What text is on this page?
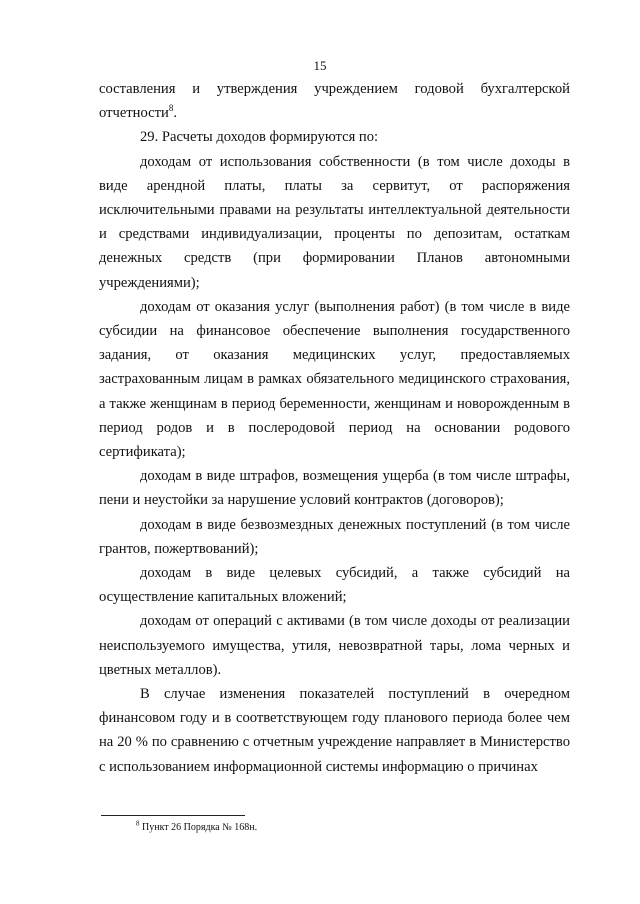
15

составления и утверждения учреждением годовой бухгалтерской отчетности$^8$.

29. Расчеты доходов формируются по:

доходам от использования собственности (в том числе доходы в виде арендной платы, платы за сервитут, от распоряжения исключительными правами на результаты интеллектуальной деятельности и средствами индивидуализации, проценты по депозитам, остаткам денежных средств (при формировании Планов автономными учреждениями);

доходам от оказания услуг (выполнения работ) (в том числе в виде субсидии на финансовое обеспечение выполнения государственного задания, от оказания медицинских услуг, предоставляемых застрахованным лицам в рамках обязательного медицинского страхования, а также женщинам в период беременности, женщинам и новорожденным в период родов и в послеродовой период на основании родового сертификата);

доходам в виде штрафов, возмещения ущерба (в том числе штрафы, пени и неустойки за нарушение условий контрактов (договоров);

доходам в виде безвозмездных денежных поступлений (в том числе грантов, пожертвований);

доходам в виде целевых субсидий, а также субсидий на осуществление капитальных вложений;

доходам от операций с активами (в том числе доходы от реализации неиспользуемого имущества, утиля, невозвратной тары, лома черных и цветных металлов).

В случае изменения показателей поступлений в очередном финансовом году и в соответствующем году планового периода более чем на 20 % по сравнению с отчетным учреждение направляет в Министерство с использованием информационной системы информацию о причинах

$^8$ Пункт 26 Порядка № 168н.
